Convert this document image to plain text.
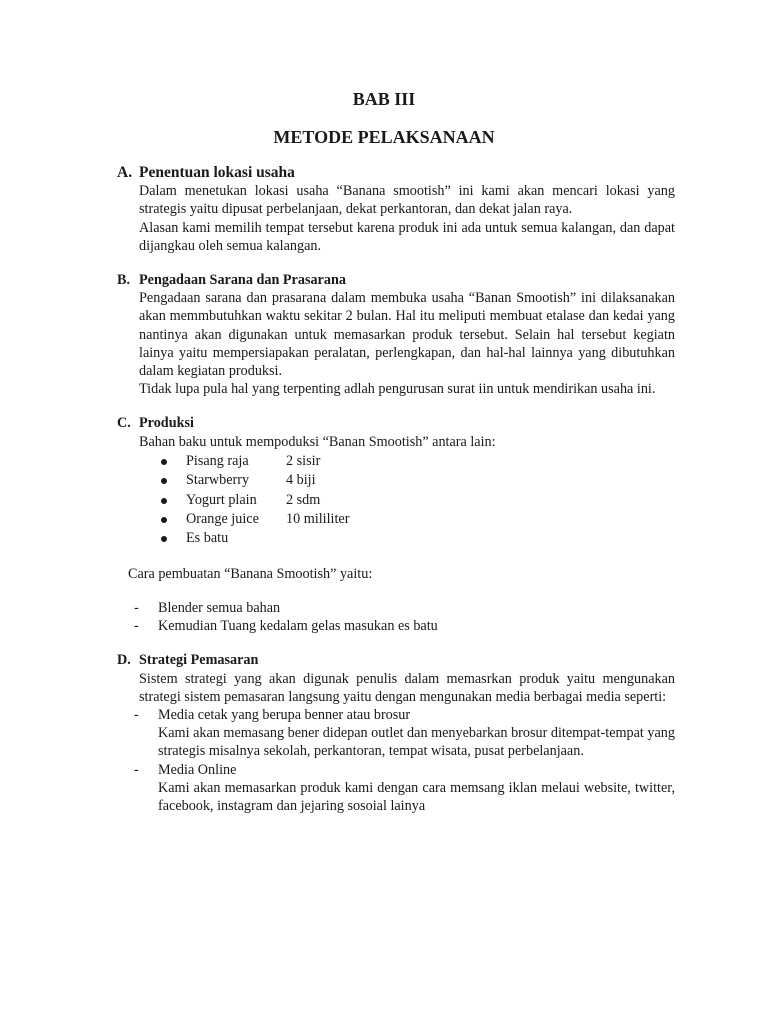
BAB III
METODE PELAKSANAAN
A. Penentuan lokasi usaha

Dalam menetukan lokasi usaha “Banana smootish” ini kami akan mencari lokasi yang strategis yaitu dipusat perbelanjaan, dekat perkantoran, dan dekat jalan raya.

Alasan kami memilih tempat tersebut karena produk ini ada untuk semua kalangan, dan dapat dijangkau oleh semua kalangan.

B. Pengadaan Sarana dan Prasarana

Pengadaan sarana dan prasarana dalam membuka usaha “Banan Smootish” ini dilaksanakan akan memmbutuhkan waktu sekitar 2 bulan. Hal itu meliputi membuat etalase dan kedai yang nantinya akan digunakan untuk memasarkan produk tersebut. Selain hal tersebut kegiatn lainya yaitu mempersiapakan peralatan, perlengkapan, dan hal-hal lainnya yang dibutuhkan dalam kegiatan produksi.

Tidak lupa pula hal yang terpenting adlah pengurusan surat iin untuk mendirikan usaha ini.

C. Produksi

Bahan baku untuk mempoduksi “Banan Smootish” antara lain:

Pisang raja	2 sisir
Starwberry	4 biji
Yogurt plain 2 sdm
Orange juice 10 mililiter
Es batu

Cara pembuatan “Banana Smootish” yaitu:

- Blender semua bahan
- Kemudian Tuang kedalam gelas masukan es batu
D. Strategi Pemasaran

Sistem strategi yang akan digunak penulis dalam memasrkan produk yaitu mengunakan strategi sistem pemasaran langsung yaitu dengan mengunakan media berbagai media seperti:

- Media cetak yang berupa benner atau brosur
Kami akan memasang bener didepan outlet dan menyebarkan brosur ditempat-tempat yang strategis misalnya sekolah, perkantoran, tempat wisata, pusat perbelanjaan.
- Media Online
Kami akan memasarkan produk kami dengan cara memsang iklan melaui website, twitter, facebook, instagram dan jejaring sosoial lainya
